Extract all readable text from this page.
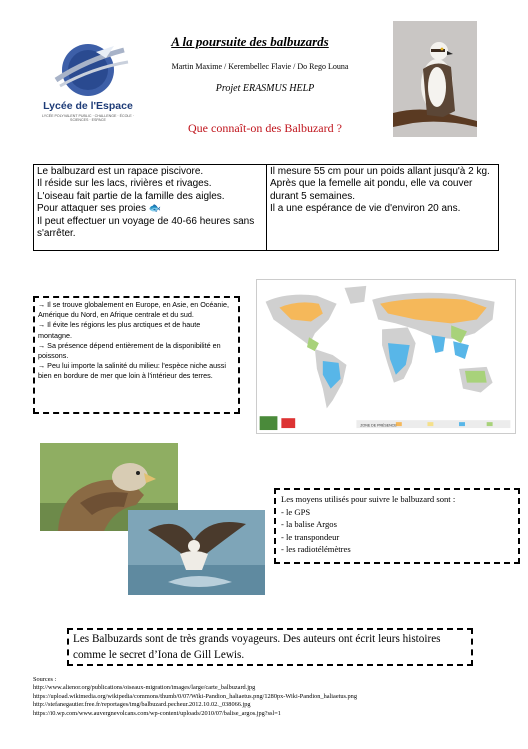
Lycée de l'Espace
LYCÉE POLYVALENT PUBLIC · CHALLENGE · ÉCOLE · SCIENCES · ESPACE
A la poursuite des balbuzards
Martin Maxime / Kerembellec Flavie / Do Rego Louna
Projet ERASMUS HELP
Que connaît-on des Balbuzard ?

Le balbuzard est un rapace piscivore.

Il réside sur les lacs, rivières et rivages.

L'oiseau fait partie de la famille des aigles.

Pour attaquer ses proies 🐟

Il peut effectuer un voyage de 40-66 heures sans s'arrêter.

Il mesure 55 cm pour un poids allant jusqu'à 2 kg.

Après que la femelle ait pondu, elle va couver durant 5 semaines.

Il a une espérance de vie d'environ 20 ans.

→ Il se trouve globalement en Europe, en Asie, en Océanie, Amérique du Nord, en Afrique centrale et du sud.

→ Il évite les régions les plus arctiques et de haute montagne.

→ Sa présence dépend entièrement de la disponibilité en poissons.

→ Peu lui importe la salinité du milieu: l'espèce niche aussi bien en bordure de mer que loin à l'intérieur des terres.

ZONE DE PRÉSENCE

Les moyens utilisés pour suivre le balbuzard sont :

- le GPS
- la balise Argos
- le transpondeur
- les radiotélémètres
Les Balbuzards sont de très grands voyageurs. Des auteurs ont écrit leurs histoires comme le secret d’Iona de Gill Lewis.

Sources :

http://www.alienor.org/publications/oiseaux-migration/images/large/carte_balbuzard.jpg

https://upload.wikimedia.org/wikipedia/commons/thumb/0/07/Wiki-Pandion_haliaetus.png/1280px-Wiki-Pandion_haliaetus.png

http://stefanegautier.free.fr/reportages/img/balbuzard.pecheur.2012.10.02._038066.jpg

https://i0.wp.com/www.auvergnevolcans.com/wp-content/uploads/2010/07/balise_argos.jpg?ssl=1
